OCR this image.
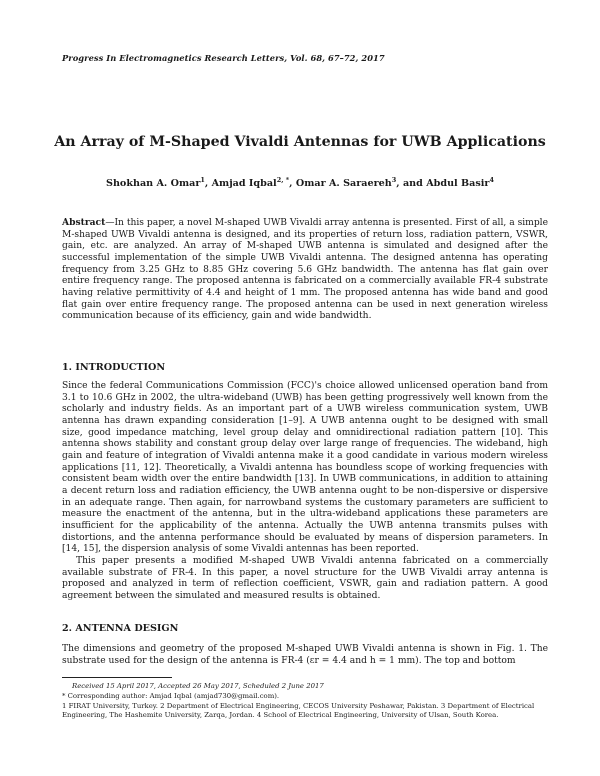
Progress In Electromagnetics Research Letters, Vol. 68, 67–72, 2017
An Array of M-Shaped Vivaldi Antennas for UWB Applications
Shokhan A. Omar$^1$, Amjad Iqbal$^{2, *}$, Omar A. Saraereh$^3$, and Abdul Basir$^4$
Abstract—In this paper, a novel M-shaped UWB Vivaldi array antenna is presented. First of all, a simple M-shaped UWB Vivaldi antenna is designed, and its properties of return loss, radiation pattern, VSWR, gain, etc. are analyzed. An array of M-shaped UWB antenna is simulated and designed after the successful implementation of the simple UWB Vivaldi antenna. The designed antenna has operating frequency from 3.25 GHz to 8.85 GHz covering 5.6 GHz bandwidth. The antenna has flat gain over entire frequency range. The proposed antenna is fabricated on a commercially available FR-4 substrate having relative permittivity of 4.4 and height of 1 mm. The proposed antenna has wide band and good flat gain over entire frequency range. The proposed antenna can be used in next generation wireless communication because of its efficiency, gain and wide bandwidth.
1. INTRODUCTION

Since the federal Communications Commission (FCC)'s choice allowed unlicensed operation band from 3.1 to 10.6 GHz in 2002, the ultra-wideband (UWB) has been getting progressively well known from the scholarly and industry fields. As an important part of a UWB wireless communication system, UWB antenna has drawn expanding consideration [1–9]. A UWB antenna ought to be designed with small size, good impedance matching, level group delay and omnidirectional radiation pattern [10]. This antenna shows stability and constant group delay over large range of frequencies. The wideband, high gain and feature of integration of Vivaldi antenna make it a good candidate in various modern wireless applications [11, 12]. Theoretically, a Vivaldi antenna has boundless scope of working frequencies with consistent beam width over the entire bandwidth [13]. In UWB communications, in addition to attaining a decent return loss and radiation efficiency, the UWB antenna ought to be non-dispersive or dispersive in an adequate range. Then again, for narrowband systems the customary parameters are sufficient to measure the enactment of the antenna, but in the ultra-wideband applications these parameters are insufficient for the applicability of the antenna. Actually the UWB antenna transmits pulses with distortions, and the antenna performance should be evaluated by means of dispersion parameters. In [14, 15], the dispersion analysis of some Vivaldi antennas has been reported.

This paper presents a modified M-shaped UWB Vivaldi antenna fabricated on a commercially available substrate of FR-4. In this paper, a novel structure for the UWB Vivaldi array antenna is proposed and analyzed in term of reflection coefficient, VSWR, gain and radiation pattern. A good agreement between the simulated and measured results is obtained.

2. ANTENNA DESIGN

The dimensions and geometry of the proposed M-shaped UWB Vivaldi antenna is shown in Fig. 1. The substrate used for the design of the antenna is FR-4 (εr = 4.4 and h = 1 mm). The top and bottom

Received 15 April 2017, Accepted 26 May 2017, Scheduled 2 June 2017
* Corresponding author: Amjad Iqbal (amjad730@gmail.com).
1 FIRAT University, Turkey. 2 Department of Electrical Engineering, CECOS University Peshawar, Pakistan. 3 Department of Electrical Engineering, The Hashemite University, Zarqa, Jordan. 4 School of Electrical Engineering, University of Ulsan, South Korea.
